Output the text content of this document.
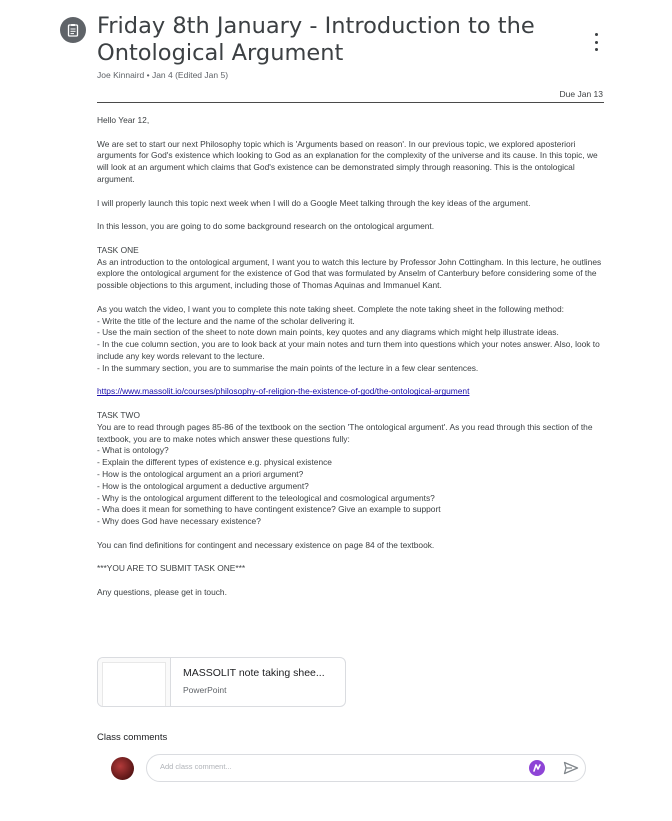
Friday 8th January - Introduction to the Ontological Argument
Joe Kinnaird • Jan 4 (Edited Jan 5)
Due Jan 13

Hello Year 12,

We are set to start our next Philosophy topic which is 'Arguments based on reason'. In our previous topic, we explored aposteriori arguments for God's existence which looking to God as an explanation for the complexity of the universe and its cause. In this topic, we will look at an argument which claims that God's existence can be demonstrated simply through reasoning. This is the ontological argument.

I will properly launch this topic next week when I will do a Google Meet talking through the key ideas of the argument.

In this lesson, you are going to do some background research on the ontological argument.

TASK ONE
As an introduction to the ontological argument, I want you to watch this lecture by Professor John Cottingham. In this lecture, he outlines explore the ontological argument for the existence of God that was formulated by Anselm of Canterbury before considering some of the possible objections to this argument, including those of Thomas Aquinas and Immanuel Kant.

As you watch the video, I want you to complete this note taking sheet. Complete the note taking sheet in the following method:
- Write the title of the lecture and the name of the scholar delivering it.
- Use the main section of the sheet to note down main points, key quotes and any diagrams which might help illustrate ideas.
- In the cue column section, you are to look back at your main notes and turn them into questions which your notes answer. Also, look to include any key words relevant to the lecture.
- In the summary section, you are to summarise the main points of the lecture in a few clear sentences.

https://www.massolit.io/courses/philosophy-of-religion-the-existence-of-god/the-ontological-argument

TASK TWO
You are to read through pages 85-86 of the textbook on the section 'The ontological argument'. As you read through this section of the textbook, you are to make notes which answer these questions fully:
- What is ontology?
- Explain the different types of existence e.g. physical existence
- How is the ontological argument an a priori argument?
- How is the ontological argument a deductive argument?
- Why is the ontological argument different to the teleological and cosmological arguments?
- Wha does it mean for something to have contingent existence? Give an example to support
- Why does God have necessary existence?

You can find definitions for contingent and necessary existence on page 84 of the textbook.

***YOU ARE TO SUBMIT TASK ONE***

Any questions, please get in touch.

MASSOLIT note taking shee...
PowerPoint
Class comments
Add class comment...
